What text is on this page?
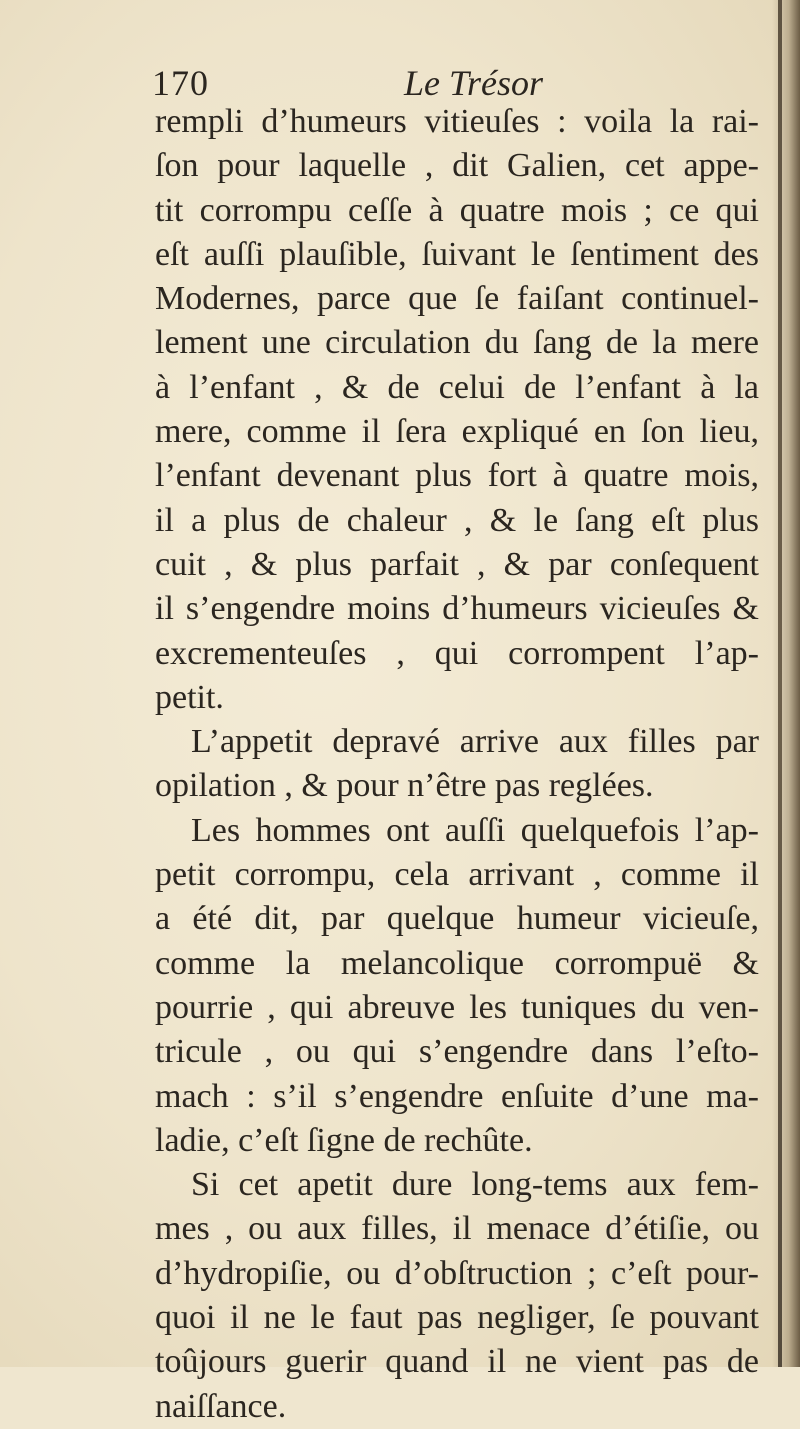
170	Le Trésor
rempli d’humeurs vitieuſes : voila la rai-
ſon pour laquelle , dit Galien, cet appe-
tit corrompu ceſſe à quatre mois ; ce qui
eſt auſſi plauſible, ſuivant le ſentiment des
Modernes, parce que ſe faiſant continuel-
lement une circulation du ſang de la mere
à l’enfant , & de celui de l’enfant à la
mere, comme il ſera expliqué en ſon lieu,
l’enfant devenant plus fort à quatre mois,
il a plus de chaleur , & le ſang eſt plus
cuit , & plus parfait , & par conſequent
il s’engendre moins d’humeurs vicieuſes &
excrementeuſes , qui corrompent l’ap-
petit.
L’appetit depravé arrive aux filles par
opilation , & pour n’être pas reglées.
Les hommes ont auſſi quelquefois l’ap-
petit corrompu, cela arrivant , comme il
a été dit, par quelque humeur vicieuſe,
comme la melancolique corrompuë &
pourrie , qui abreuve les tuniques du ven-
tricule , ou qui s’engendre dans l’eſto-
mach : s’il s’engendre enſuite d’une ma-
ladie, c’eſt ſigne de rechûte.
Si cet apetit dure long-tems aux fem-
mes , ou aux filles, il menace d’étiſie, ou
d’hydropiſie, ou d’obſtruction ; c’eſt pour-
quoi il ne le faut pas negliger, ſe pouvant
toûjours guerir quand il ne vient pas de
naiſſance.
